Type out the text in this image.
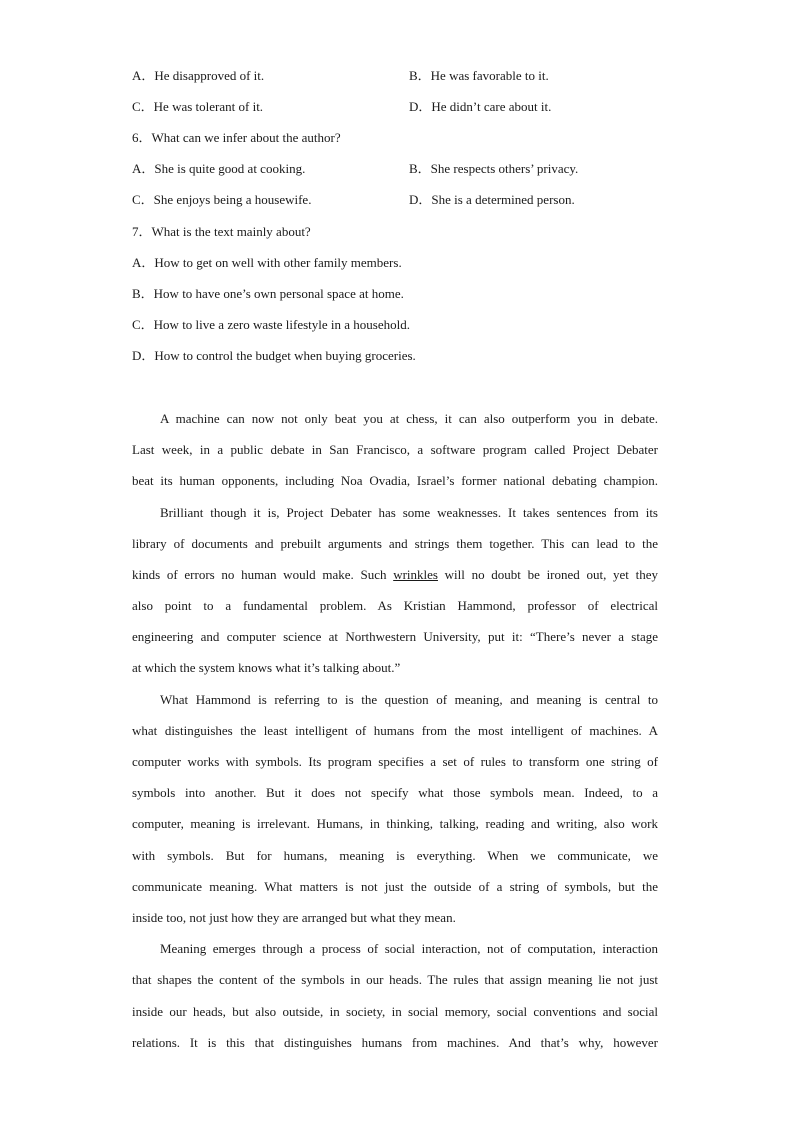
A．He disapproved of it.	B．He was favorable to it.
C．He was tolerant of it.	D．He didn’t care about it.
6．What can we infer about the author?
A．She is quite good at cooking.	B．She respects others’ privacy.
C．She enjoys being a housewife.	D．She is a determined person.
7．What is the text mainly about?
A．How to get on well with other family members.
B．How to have one’s own personal space at home.
C．How to live a zero waste lifestyle in a household.
D．How to control the budget when buying groceries.
A machine can now not only beat you at chess, it can also outperform you in debate.
Last week, in a public debate in San Francisco, a software program called Project Debater
beat its human opponents, including Noa Ovadia, Israel’s former national debating champion.
Brilliant though it is, Project Debater has some weaknesses. It takes sentences from its
library of documents and prebuilt arguments and strings them together. This can lead to the
kinds of errors no human would make. Such wrinkles will no doubt be ironed out, yet they
also point to a fundamental problem. As Kristian Hammond, professor of electrical
engineering and computer science at Northwestern University, put it: “There’s never a stage
at which the system knows what it’s talking about.”
What Hammond is referring to is the question of meaning, and meaning is central to
what distinguishes the least intelligent of humans from the most intelligent of machines. A
computer works with symbols. Its program specifies a set of rules to transform one string of
symbols into another. But it does not specify what those symbols mean. Indeed, to a
computer, meaning is irrelevant. Humans, in thinking, talking, reading and writing, also work
with symbols. But for humans, meaning is everything. When we communicate, we
communicate meaning. What matters is not just the outside of a string of symbols, but the
inside too, not just how they are arranged but what they mean.
Meaning emerges through a process of social interaction, not of computation, interaction
that shapes the content of the symbols in our heads. The rules that assign meaning lie not just
inside our heads, but also outside, in society, in social memory, social conventions and social
relations. It is this that distinguishes humans from machines. And that’s why, however
